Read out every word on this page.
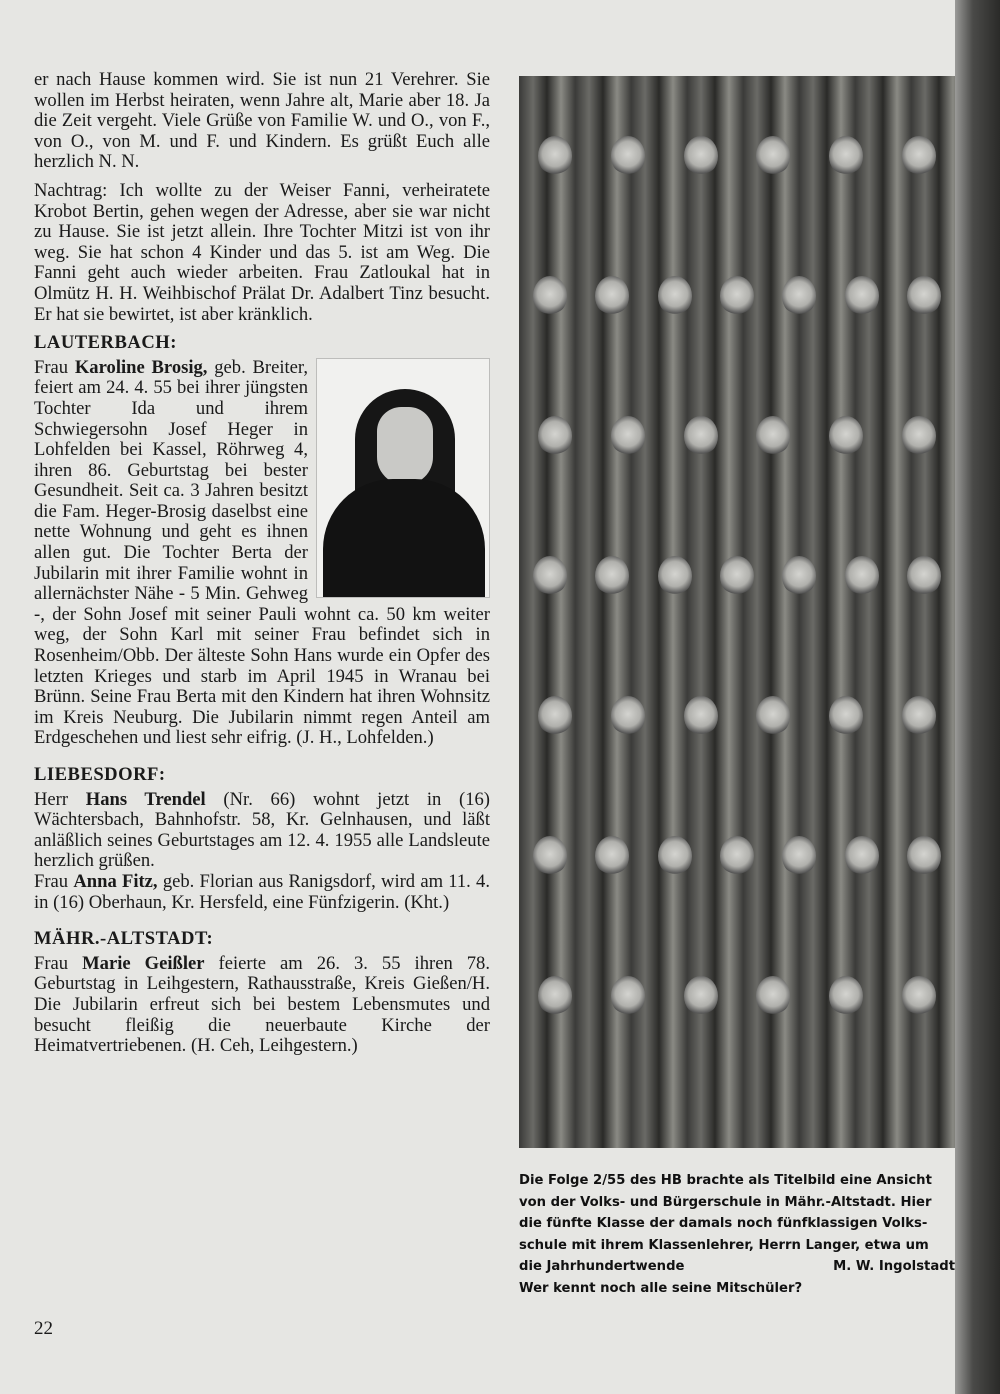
er nach Hause kommen wird. Sie ist nun 21 Verehrer. Sie wollen im Herbst heiraten, wenn Jahre alt, Marie aber 18. Ja die Zeit vergeht. Viele Grüße von Familie W. und O., von F., von O., von M. und F. und Kindern. Es grüßt Euch alle herzlich N. N.

Nachtrag: Ich wollte zu der Weiser Fanni, verheiratete Krobot Bertin, gehen wegen der Adresse, aber sie war nicht zu Hause. Sie ist jetzt allein. Ihre Tochter Mitzi ist von ihr weg. Sie hat schon 4 Kinder und das 5. ist am Weg. Die Fanni geht auch wieder arbeiten. Frau Zatloukal hat in Olmütz H. H. Weihbischof Prälat Dr. Adalbert Tinz besucht. Er hat sie bewirtet, ist aber kränklich.

LAUTERBACH:

Frau Karoline Brosig, geb. Breiter, feiert am 24. 4. 55 bei ihrer jüngsten Tochter Ida und ihrem Schwiegersohn Josef Heger in Lohfelden bei Kassel, Röhrweg 4, ihren 86. Geburtstag bei bester Gesundheit. Seit ca. 3 Jahren besitzt die Fam. Heger-Brosig daselbst eine nette Wohnung und geht es ihnen allen gut. Die Tochter Berta der Jubilarin mit ihrer Familie wohnt in allernächster Nähe - 5 Min. Gehweg -, der Sohn Josef mit seiner Pauli wohnt ca. 50 km weiter weg, der Sohn Karl mit seiner Frau befindet sich in Rosenheim/Obb. Der älteste Sohn Hans wurde ein Opfer des letzten Krieges und starb im April 1945 in Wranau bei Brünn. Seine Frau Berta mit den Kindern hat ihren Wohnsitz im Kreis Neuburg. Die Jubilarin nimmt regen Anteil am Erdgeschehen und liest sehr eifrig. (J. H., Lohfelden.)

LIEBESDORF:

Herr Hans Trendel (Nr. 66) wohnt jetzt in (16) Wächtersbach, Bahnhofstr. 58, Kr. Gelnhausen, und läßt anläßlich seines Geburtstages am 12. 4. 1955 alle Landsleute herzlich grüßen.

Frau Anna Fitz, geb. Florian aus Ranigsdorf, wird am 11. 4. in (16) Oberhaun, Kr. Hersfeld, eine Fünfzigerin. (Kht.)

MÄHR.-ALTSTADT:

Frau Marie Geißler feierte am 26. 3. 55 ihren 78. Geburtstag in Leihgestern, Rathausstraße, Kreis Gießen/H. Die Jubilarin erfreut sich bei bestem Lebensmutes und besucht fleißig die neuerbaute Kirche der Heimatvertriebenen. (H. Ceh, Leihgestern.)

Die Folge 2/55 des HB brachte als Titelbild eine Ansicht
von der Volks- und Bürgerschule in Mähr.-Altstadt. Hier
die fünfte Klasse der damals noch fünfklassigen Volks-
schule mit ihrem Klassenlehrer, Herrn Langer, etwa um
die Jahrhundertwende	M. W. Ingolstadt
Wer kennt noch alle seine Mitschüler?
22
